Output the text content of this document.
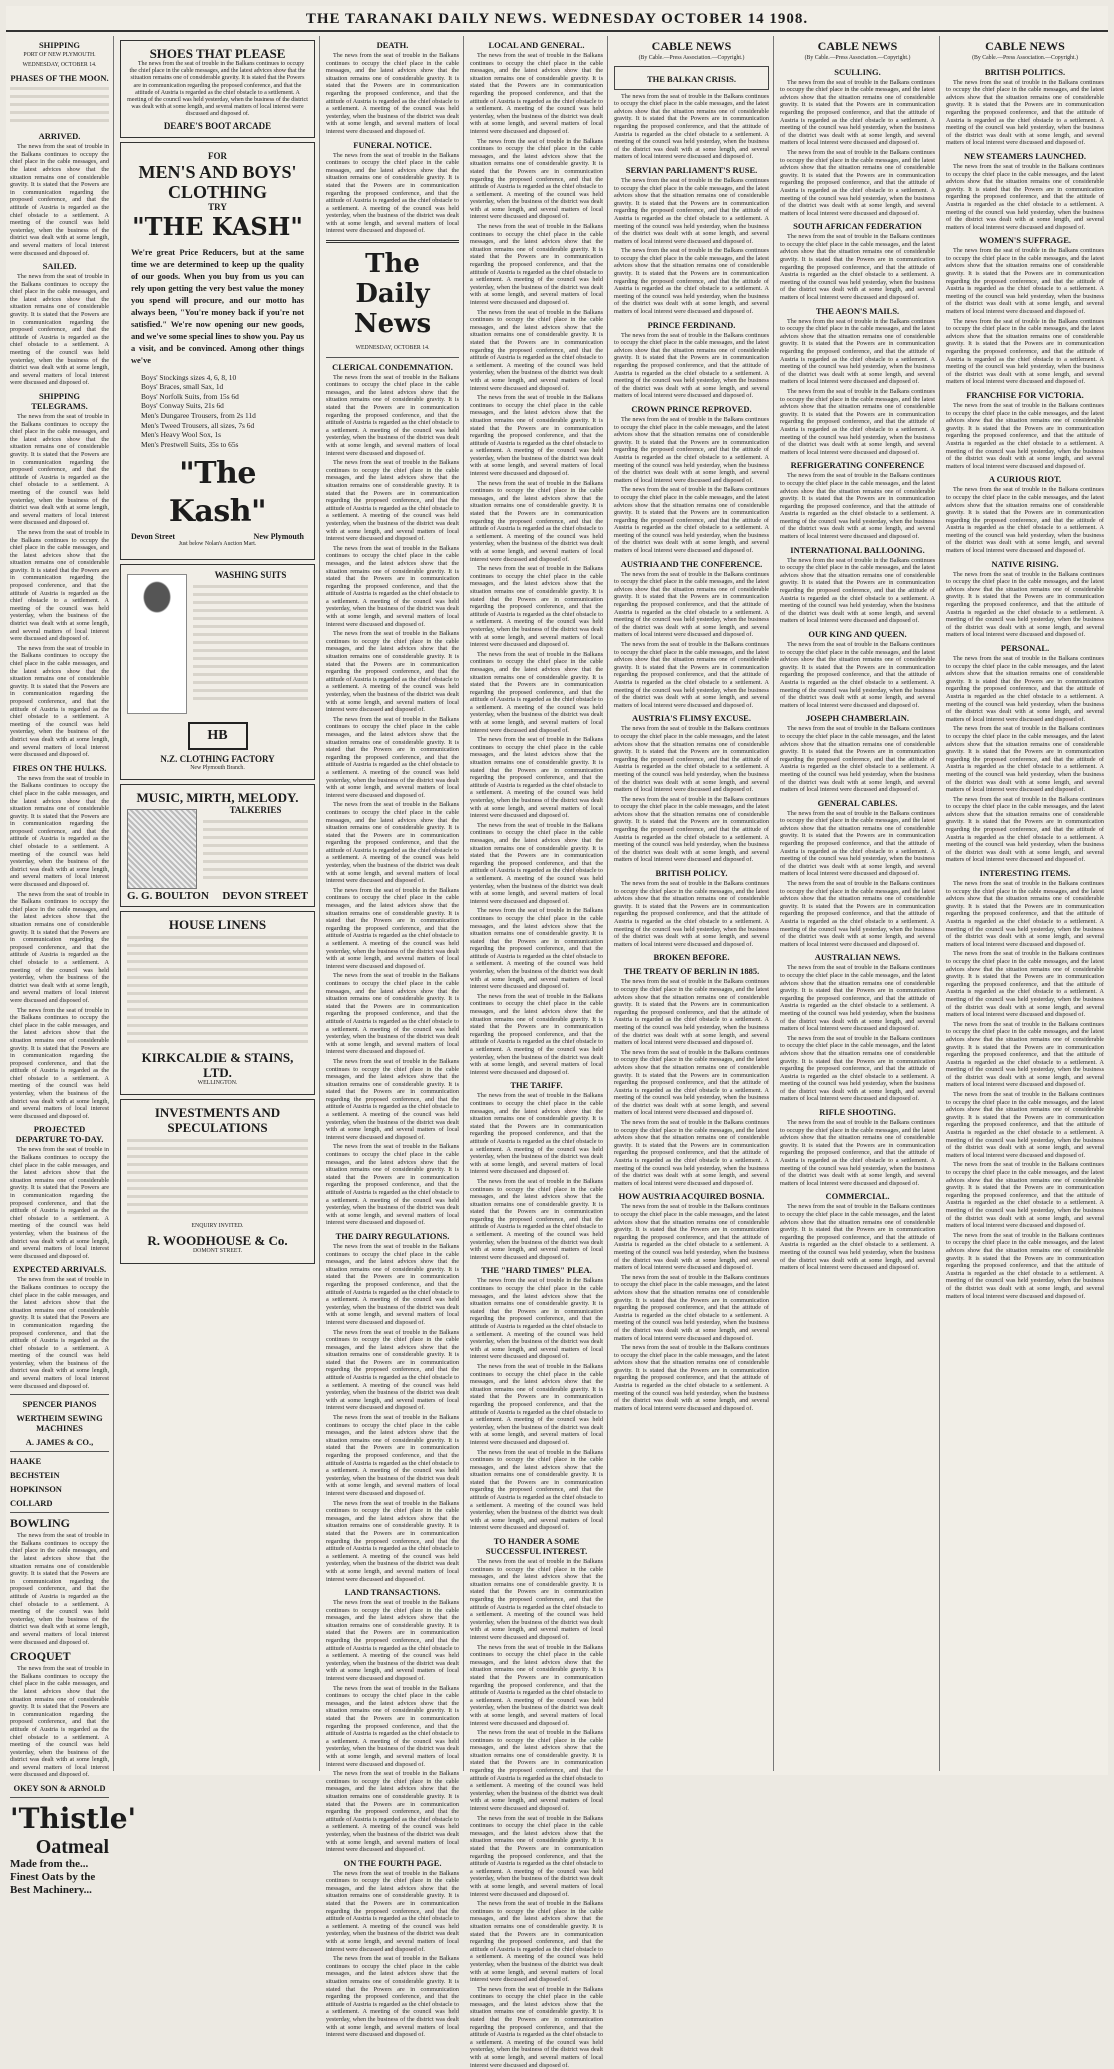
THE TARANAKI DAILY NEWS. WEDNESDAY OCTOBER 14 1908.
SHIPPING
PORT OF NEW PLYMOUTH.
WEDNESDAY, OCTOBER 14.
PHASES OF THE MOON.
ARRIVED.

The news from the seat of trouble in the Balkans continues to occupy the chief place in the cable messages, and the latest advices show that the situation remains one of considerable gravity. It is stated that the Powers are in communication regarding the proposed conference, and that the attitude of Austria is regarded as the chief obstacle to a settlement. A meeting of the council was held yesterday, when the business of the district was dealt with at some length, and several matters of local interest were discussed and disposed of.

SAILED.

The news from the seat of trouble in the Balkans continues to occupy the chief place in the cable messages, and the latest advices show that the situation remains one of considerable gravity. It is stated that the Powers are in communication regarding the proposed conference, and that the attitude of Austria is regarded as the chief obstacle to a settlement. A meeting of the council was held yesterday, when the business of the district was dealt with at some length, and several matters of local interest were discussed and disposed of.

SHIPPING TELEGRAMS.

The news from the seat of trouble in the Balkans continues to occupy the chief place in the cable messages, and the latest advices show that the situation remains one of considerable gravity. It is stated that the Powers are in communication regarding the proposed conference, and that the attitude of Austria is regarded as the chief obstacle to a settlement. A meeting of the council was held yesterday, when the business of the district was dealt with at some length, and several matters of local interest were discussed and disposed of.

The news from the seat of trouble in the Balkans continues to occupy the chief place in the cable messages, and the latest advices show that the situation remains one of considerable gravity. It is stated that the Powers are in communication regarding the proposed conference, and that the attitude of Austria is regarded as the chief obstacle to a settlement. A meeting of the council was held yesterday, when the business of the district was dealt with at some length, and several matters of local interest were discussed and disposed of.

The news from the seat of trouble in the Balkans continues to occupy the chief place in the cable messages, and the latest advices show that the situation remains one of considerable gravity. It is stated that the Powers are in communication regarding the proposed conference, and that the attitude of Austria is regarded as the chief obstacle to a settlement. A meeting of the council was held yesterday, when the business of the district was dealt with at some length, and several matters of local interest were discussed and disposed of.

FIRES ON THE HULKS.

The news from the seat of trouble in the Balkans continues to occupy the chief place in the cable messages, and the latest advices show that the situation remains one of considerable gravity. It is stated that the Powers are in communication regarding the proposed conference, and that the attitude of Austria is regarded as the chief obstacle to a settlement. A meeting of the council was held yesterday, when the business of the district was dealt with at some length, and several matters of local interest were discussed and disposed of.

The news from the seat of trouble in the Balkans continues to occupy the chief place in the cable messages, and the latest advices show that the situation remains one of considerable gravity. It is stated that the Powers are in communication regarding the proposed conference, and that the attitude of Austria is regarded as the chief obstacle to a settlement. A meeting of the council was held yesterday, when the business of the district was dealt with at some length, and several matters of local interest were discussed and disposed of.

The news from the seat of trouble in the Balkans continues to occupy the chief place in the cable messages, and the latest advices show that the situation remains one of considerable gravity. It is stated that the Powers are in communication regarding the proposed conference, and that the attitude of Austria is regarded as the chief obstacle to a settlement. A meeting of the council was held yesterday, when the business of the district was dealt with at some length, and several matters of local interest were discussed and disposed of.

PROJECTED DEPARTURE TO-DAY.

The news from the seat of trouble in the Balkans continues to occupy the chief place in the cable messages, and the latest advices show that the situation remains one of considerable gravity. It is stated that the Powers are in communication regarding the proposed conference, and that the attitude of Austria is regarded as the chief obstacle to a settlement. A meeting of the council was held yesterday, when the business of the district was dealt with at some length, and several matters of local interest were discussed and disposed of.

EXPECTED ARRIVALS.

The news from the seat of trouble in the Balkans continues to occupy the chief place in the cable messages, and the latest advices show that the situation remains one of considerable gravity. It is stated that the Powers are in communication regarding the proposed conference, and that the attitude of Austria is regarded as the chief obstacle to a settlement. A meeting of the council was held yesterday, when the business of the district was dealt with at some length, and several matters of local interest were discussed and disposed of.

SPENCER PIANOS
WERTHEIM SEWING MACHINES
A. JAMES & CO.,
HAAKE
BECHSTEIN
HOPKINSON
COLLARD
BOWLING

The news from the seat of trouble in the Balkans continues to occupy the chief place in the cable messages, and the latest advices show that the situation remains one of considerable gravity. It is stated that the Powers are in communication regarding the proposed conference, and that the attitude of Austria is regarded as the chief obstacle to a settlement. A meeting of the council was held yesterday, when the business of the district was dealt with at some length, and several matters of local interest were discussed and disposed of.

CROQUET

The news from the seat of trouble in the Balkans continues to occupy the chief place in the cable messages, and the latest advices show that the situation remains one of considerable gravity. It is stated that the Powers are in communication regarding the proposed conference, and that the attitude of Austria is regarded as the chief obstacle to a settlement. A meeting of the council was held yesterday, when the business of the district was dealt with at some length, and several matters of local interest were discussed and disposed of.

OKEY SON & ARNOLD
'Thistle'
Oatmeal
Made from the... Finest Oats by the Best Machinery...
SHOES THAT PLEASE

The news from the seat of trouble in the Balkans continues to occupy the chief place in the cable messages, and the latest advices show that the situation remains one of considerable gravity. It is stated that the Powers are in communication regarding the proposed conference, and that the attitude of Austria is regarded as the chief obstacle to a settlement. A meeting of the council was held yesterday, when the business of the district was dealt with at some length, and several matters of local interest were discussed and disposed of.

DEARE'S BOOT ARCADE
FOR
MEN'S AND BOYS' CLOTHING
TRY
"THE KASH"
We're great Price Reducers, but at the same time we are determined to keep up the quality of our goods. When you buy from us you can rely upon getting the very best value the money you spend will procure, and our motto has always been, "You're money back if you're not satisfied." We're now opening our new goods, and we've some special lines to show you. Pay us a visit, and be convinced. Among other things we've
Boys' Stockings sizes 4, 6, 8, 10
Boys' Braces, small Sax, 1d
Boys' Norfolk Suits, from 15s 6d
Boys' Conway Suits, 21s 6d
Men's Dungaree Trousers, from 2s 11d
Men's Tweed Trousers, all sizes, 7s 6d
Men's Heavy Wool Sox, 1s
Men's Prestwell Suits, 35s to 65s
"The Kash"
Devon Street	New Plymouth
Just below Nolan's Auction Mart.
WASHING SUITS
HB
N.Z. CLOTHING FACTORY
New Plymouth Branch.
MUSIC, MIRTH, MELODY.
TALKERIES
G. G. BOULTON DEVON STREET
HOUSE LINENS
KIRKCALDIE & STAINS, LTD.
WELLINGTON.
INVESTMENTS AND SPECULATIONS
ENQUIRY INVITED.
R. WOODHOUSE & Co.
DOMONT STREET.
DEATH.

The news from the seat of trouble in the Balkans continues to occupy the chief place in the cable messages, and the latest advices show that the situation remains one of considerable gravity. It is stated that the Powers are in communication regarding the proposed conference, and that the attitude of Austria is regarded as the chief obstacle to a settlement. A meeting of the council was held yesterday, when the business of the district was dealt with at some length, and several matters of local interest were discussed and disposed of.

FUNERAL NOTICE.

The news from the seat of trouble in the Balkans continues to occupy the chief place in the cable messages, and the latest advices show that the situation remains one of considerable gravity. It is stated that the Powers are in communication regarding the proposed conference, and that the attitude of Austria is regarded as the chief obstacle to a settlement. A meeting of the council was held yesterday, when the business of the district was dealt with at some length, and several matters of local interest were discussed and disposed of.

The Daily News
WEDNESDAY, OCTOBER 14.
CLERICAL CONDEMNATION.

The news from the seat of trouble in the Balkans continues to occupy the chief place in the cable messages, and the latest advices show that the situation remains one of considerable gravity. It is stated that the Powers are in communication regarding the proposed conference, and that the attitude of Austria is regarded as the chief obstacle to a settlement. A meeting of the council was held yesterday, when the business of the district was dealt with at some length, and several matters of local interest were discussed and disposed of.

The news from the seat of trouble in the Balkans continues to occupy the chief place in the cable messages, and the latest advices show that the situation remains one of considerable gravity. It is stated that the Powers are in communication regarding the proposed conference, and that the attitude of Austria is regarded as the chief obstacle to a settlement. A meeting of the council was held yesterday, when the business of the district was dealt with at some length, and several matters of local interest were discussed and disposed of.

The news from the seat of trouble in the Balkans continues to occupy the chief place in the cable messages, and the latest advices show that the situation remains one of considerable gravity. It is stated that the Powers are in communication regarding the proposed conference, and that the attitude of Austria is regarded as the chief obstacle to a settlement. A meeting of the council was held yesterday, when the business of the district was dealt with at some length, and several matters of local interest were discussed and disposed of.

The news from the seat of trouble in the Balkans continues to occupy the chief place in the cable messages, and the latest advices show that the situation remains one of considerable gravity. It is stated that the Powers are in communication regarding the proposed conference, and that the attitude of Austria is regarded as the chief obstacle to a settlement. A meeting of the council was held yesterday, when the business of the district was dealt with at some length, and several matters of local interest were discussed and disposed of.

The news from the seat of trouble in the Balkans continues to occupy the chief place in the cable messages, and the latest advices show that the situation remains one of considerable gravity. It is stated that the Powers are in communication regarding the proposed conference, and that the attitude of Austria is regarded as the chief obstacle to a settlement. A meeting of the council was held yesterday, when the business of the district was dealt with at some length, and several matters of local interest were discussed and disposed of.

The news from the seat of trouble in the Balkans continues to occupy the chief place in the cable messages, and the latest advices show that the situation remains one of considerable gravity. It is stated that the Powers are in communication regarding the proposed conference, and that the attitude of Austria is regarded as the chief obstacle to a settlement. A meeting of the council was held yesterday, when the business of the district was dealt with at some length, and several matters of local interest were discussed and disposed of.

The news from the seat of trouble in the Balkans continues to occupy the chief place in the cable messages, and the latest advices show that the situation remains one of considerable gravity. It is stated that the Powers are in communication regarding the proposed conference, and that the attitude of Austria is regarded as the chief obstacle to a settlement. A meeting of the council was held yesterday, when the business of the district was dealt with at some length, and several matters of local interest were discussed and disposed of.

The news from the seat of trouble in the Balkans continues to occupy the chief place in the cable messages, and the latest advices show that the situation remains one of considerable gravity. It is stated that the Powers are in communication regarding the proposed conference, and that the attitude of Austria is regarded as the chief obstacle to a settlement. A meeting of the council was held yesterday, when the business of the district was dealt with at some length, and several matters of local interest were discussed and disposed of.

The news from the seat of trouble in the Balkans continues to occupy the chief place in the cable messages, and the latest advices show that the situation remains one of considerable gravity. It is stated that the Powers are in communication regarding the proposed conference, and that the attitude of Austria is regarded as the chief obstacle to a settlement. A meeting of the council was held yesterday, when the business of the district was dealt with at some length, and several matters of local interest were discussed and disposed of.

The news from the seat of trouble in the Balkans continues to occupy the chief place in the cable messages, and the latest advices show that the situation remains one of considerable gravity. It is stated that the Powers are in communication regarding the proposed conference, and that the attitude of Austria is regarded as the chief obstacle to a settlement. A meeting of the council was held yesterday, when the business of the district was dealt with at some length, and several matters of local interest were discussed and disposed of.

THE DAIRY REGULATIONS.

The news from the seat of trouble in the Balkans continues to occupy the chief place in the cable messages, and the latest advices show that the situation remains one of considerable gravity. It is stated that the Powers are in communication regarding the proposed conference, and that the attitude of Austria is regarded as the chief obstacle to a settlement. A meeting of the council was held yesterday, when the business of the district was dealt with at some length, and several matters of local interest were discussed and disposed of.

The news from the seat of trouble in the Balkans continues to occupy the chief place in the cable messages, and the latest advices show that the situation remains one of considerable gravity. It is stated that the Powers are in communication regarding the proposed conference, and that the attitude of Austria is regarded as the chief obstacle to a settlement. A meeting of the council was held yesterday, when the business of the district was dealt with at some length, and several matters of local interest were discussed and disposed of.

The news from the seat of trouble in the Balkans continues to occupy the chief place in the cable messages, and the latest advices show that the situation remains one of considerable gravity. It is stated that the Powers are in communication regarding the proposed conference, and that the attitude of Austria is regarded as the chief obstacle to a settlement. A meeting of the council was held yesterday, when the business of the district was dealt with at some length, and several matters of local interest were discussed and disposed of.

The news from the seat of trouble in the Balkans continues to occupy the chief place in the cable messages, and the latest advices show that the situation remains one of considerable gravity. It is stated that the Powers are in communication regarding the proposed conference, and that the attitude of Austria is regarded as the chief obstacle to a settlement. A meeting of the council was held yesterday, when the business of the district was dealt with at some length, and several matters of local interest were discussed and disposed of.

LAND TRANSACTIONS.

The news from the seat of trouble in the Balkans continues to occupy the chief place in the cable messages, and the latest advices show that the situation remains one of considerable gravity. It is stated that the Powers are in communication regarding the proposed conference, and that the attitude of Austria is regarded as the chief obstacle to a settlement. A meeting of the council was held yesterday, when the business of the district was dealt with at some length, and several matters of local interest were discussed and disposed of.

The news from the seat of trouble in the Balkans continues to occupy the chief place in the cable messages, and the latest advices show that the situation remains one of considerable gravity. It is stated that the Powers are in communication regarding the proposed conference, and that the attitude of Austria is regarded as the chief obstacle to a settlement. A meeting of the council was held yesterday, when the business of the district was dealt with at some length, and several matters of local interest were discussed and disposed of.

The news from the seat of trouble in the Balkans continues to occupy the chief place in the cable messages, and the latest advices show that the situation remains one of considerable gravity. It is stated that the Powers are in communication regarding the proposed conference, and that the attitude of Austria is regarded as the chief obstacle to a settlement. A meeting of the council was held yesterday, when the business of the district was dealt with at some length, and several matters of local interest were discussed and disposed of.

ON THE FOURTH PAGE.

The news from the seat of trouble in the Balkans continues to occupy the chief place in the cable messages, and the latest advices show that the situation remains one of considerable gravity. It is stated that the Powers are in communication regarding the proposed conference, and that the attitude of Austria is regarded as the chief obstacle to a settlement. A meeting of the council was held yesterday, when the business of the district was dealt with at some length, and several matters of local interest were discussed and disposed of.

The news from the seat of trouble in the Balkans continues to occupy the chief place in the cable messages, and the latest advices show that the situation remains one of considerable gravity. It is stated that the Powers are in communication regarding the proposed conference, and that the attitude of Austria is regarded as the chief obstacle to a settlement. A meeting of the council was held yesterday, when the business of the district was dealt with at some length, and several matters of local interest were discussed and disposed of.

LOCAL AND GENERAL.

The news from the seat of trouble in the Balkans continues to occupy the chief place in the cable messages, and the latest advices show that the situation remains one of considerable gravity. It is stated that the Powers are in communication regarding the proposed conference, and that the attitude of Austria is regarded as the chief obstacle to a settlement. A meeting of the council was held yesterday, when the business of the district was dealt with at some length, and several matters of local interest were discussed and disposed of.

The news from the seat of trouble in the Balkans continues to occupy the chief place in the cable messages, and the latest advices show that the situation remains one of considerable gravity. It is stated that the Powers are in communication regarding the proposed conference, and that the attitude of Austria is regarded as the chief obstacle to a settlement. A meeting of the council was held yesterday, when the business of the district was dealt with at some length, and several matters of local interest were discussed and disposed of.

The news from the seat of trouble in the Balkans continues to occupy the chief place in the cable messages, and the latest advices show that the situation remains one of considerable gravity. It is stated that the Powers are in communication regarding the proposed conference, and that the attitude of Austria is regarded as the chief obstacle to a settlement. A meeting of the council was held yesterday, when the business of the district was dealt with at some length, and several matters of local interest were discussed and disposed of.

The news from the seat of trouble in the Balkans continues to occupy the chief place in the cable messages, and the latest advices show that the situation remains one of considerable gravity. It is stated that the Powers are in communication regarding the proposed conference, and that the attitude of Austria is regarded as the chief obstacle to a settlement. A meeting of the council was held yesterday, when the business of the district was dealt with at some length, and several matters of local interest were discussed and disposed of.

The news from the seat of trouble in the Balkans continues to occupy the chief place in the cable messages, and the latest advices show that the situation remains one of considerable gravity. It is stated that the Powers are in communication regarding the proposed conference, and that the attitude of Austria is regarded as the chief obstacle to a settlement. A meeting of the council was held yesterday, when the business of the district was dealt with at some length, and several matters of local interest were discussed and disposed of.

The news from the seat of trouble in the Balkans continues to occupy the chief place in the cable messages, and the latest advices show that the situation remains one of considerable gravity. It is stated that the Powers are in communication regarding the proposed conference, and that the attitude of Austria is regarded as the chief obstacle to a settlement. A meeting of the council was held yesterday, when the business of the district was dealt with at some length, and several matters of local interest were discussed and disposed of.

The news from the seat of trouble in the Balkans continues to occupy the chief place in the cable messages, and the latest advices show that the situation remains one of considerable gravity. It is stated that the Powers are in communication regarding the proposed conference, and that the attitude of Austria is regarded as the chief obstacle to a settlement. A meeting of the council was held yesterday, when the business of the district was dealt with at some length, and several matters of local interest were discussed and disposed of.

The news from the seat of trouble in the Balkans continues to occupy the chief place in the cable messages, and the latest advices show that the situation remains one of considerable gravity. It is stated that the Powers are in communication regarding the proposed conference, and that the attitude of Austria is regarded as the chief obstacle to a settlement. A meeting of the council was held yesterday, when the business of the district was dealt with at some length, and several matters of local interest were discussed and disposed of.

The news from the seat of trouble in the Balkans continues to occupy the chief place in the cable messages, and the latest advices show that the situation remains one of considerable gravity. It is stated that the Powers are in communication regarding the proposed conference, and that the attitude of Austria is regarded as the chief obstacle to a settlement. A meeting of the council was held yesterday, when the business of the district was dealt with at some length, and several matters of local interest were discussed and disposed of.

The news from the seat of trouble in the Balkans continues to occupy the chief place in the cable messages, and the latest advices show that the situation remains one of considerable gravity. It is stated that the Powers are in communication regarding the proposed conference, and that the attitude of Austria is regarded as the chief obstacle to a settlement. A meeting of the council was held yesterday, when the business of the district was dealt with at some length, and several matters of local interest were discussed and disposed of.

The news from the seat of trouble in the Balkans continues to occupy the chief place in the cable messages, and the latest advices show that the situation remains one of considerable gravity. It is stated that the Powers are in communication regarding the proposed conference, and that the attitude of Austria is regarded as the chief obstacle to a settlement. A meeting of the council was held yesterday, when the business of the district was dealt with at some length, and several matters of local interest were discussed and disposed of.

The news from the seat of trouble in the Balkans continues to occupy the chief place in the cable messages, and the latest advices show that the situation remains one of considerable gravity. It is stated that the Powers are in communication regarding the proposed conference, and that the attitude of Austria is regarded as the chief obstacle to a settlement. A meeting of the council was held yesterday, when the business of the district was dealt with at some length, and several matters of local interest were discussed and disposed of.

THE TARIFF.

The news from the seat of trouble in the Balkans continues to occupy the chief place in the cable messages, and the latest advices show that the situation remains one of considerable gravity. It is stated that the Powers are in communication regarding the proposed conference, and that the attitude of Austria is regarded as the chief obstacle to a settlement. A meeting of the council was held yesterday, when the business of the district was dealt with at some length, and several matters of local interest were discussed and disposed of.

The news from the seat of trouble in the Balkans continues to occupy the chief place in the cable messages, and the latest advices show that the situation remains one of considerable gravity. It is stated that the Powers are in communication regarding the proposed conference, and that the attitude of Austria is regarded as the chief obstacle to a settlement. A meeting of the council was held yesterday, when the business of the district was dealt with at some length, and several matters of local interest were discussed and disposed of.

THE "HARD TIMES" PLEA.

The news from the seat of trouble in the Balkans continues to occupy the chief place in the cable messages, and the latest advices show that the situation remains one of considerable gravity. It is stated that the Powers are in communication regarding the proposed conference, and that the attitude of Austria is regarded as the chief obstacle to a settlement. A meeting of the council was held yesterday, when the business of the district was dealt with at some length, and several matters of local interest were discussed and disposed of.

The news from the seat of trouble in the Balkans continues to occupy the chief place in the cable messages, and the latest advices show that the situation remains one of considerable gravity. It is stated that the Powers are in communication regarding the proposed conference, and that the attitude of Austria is regarded as the chief obstacle to a settlement. A meeting of the council was held yesterday, when the business of the district was dealt with at some length, and several matters of local interest were discussed and disposed of.

The news from the seat of trouble in the Balkans continues to occupy the chief place in the cable messages, and the latest advices show that the situation remains one of considerable gravity. It is stated that the Powers are in communication regarding the proposed conference, and that the attitude of Austria is regarded as the chief obstacle to a settlement. A meeting of the council was held yesterday, when the business of the district was dealt with at some length, and several matters of local interest were discussed and disposed of.

TO HANDER A SOME SUCCESSFUL INTEREST.

The news from the seat of trouble in the Balkans continues to occupy the chief place in the cable messages, and the latest advices show that the situation remains one of considerable gravity. It is stated that the Powers are in communication regarding the proposed conference, and that the attitude of Austria is regarded as the chief obstacle to a settlement. A meeting of the council was held yesterday, when the business of the district was dealt with at some length, and several matters of local interest were discussed and disposed of.

The news from the seat of trouble in the Balkans continues to occupy the chief place in the cable messages, and the latest advices show that the situation remains one of considerable gravity. It is stated that the Powers are in communication regarding the proposed conference, and that the attitude of Austria is regarded as the chief obstacle to a settlement. A meeting of the council was held yesterday, when the business of the district was dealt with at some length, and several matters of local interest were discussed and disposed of.

The news from the seat of trouble in the Balkans continues to occupy the chief place in the cable messages, and the latest advices show that the situation remains one of considerable gravity. It is stated that the Powers are in communication regarding the proposed conference, and that the attitude of Austria is regarded as the chief obstacle to a settlement. A meeting of the council was held yesterday, when the business of the district was dealt with at some length, and several matters of local interest were discussed and disposed of.

The news from the seat of trouble in the Balkans continues to occupy the chief place in the cable messages, and the latest advices show that the situation remains one of considerable gravity. It is stated that the Powers are in communication regarding the proposed conference, and that the attitude of Austria is regarded as the chief obstacle to a settlement. A meeting of the council was held yesterday, when the business of the district was dealt with at some length, and several matters of local interest were discussed and disposed of.

The news from the seat of trouble in the Balkans continues to occupy the chief place in the cable messages, and the latest advices show that the situation remains one of considerable gravity. It is stated that the Powers are in communication regarding the proposed conference, and that the attitude of Austria is regarded as the chief obstacle to a settlement. A meeting of the council was held yesterday, when the business of the district was dealt with at some length, and several matters of local interest were discussed and disposed of.

The news from the seat of trouble in the Balkans continues to occupy the chief place in the cable messages, and the latest advices show that the situation remains one of considerable gravity. It is stated that the Powers are in communication regarding the proposed conference, and that the attitude of Austria is regarded as the chief obstacle to a settlement. A meeting of the council was held yesterday, when the business of the district was dealt with at some length, and several matters of local interest were discussed and disposed of.

CABLE NEWS
(By Cable.—Press Association.—Copyright.)
THE BALKAN CRISIS.

The news from the seat of trouble in the Balkans continues to occupy the chief place in the cable messages, and the latest advices show that the situation remains one of considerable gravity. It is stated that the Powers are in communication regarding the proposed conference, and that the attitude of Austria is regarded as the chief obstacle to a settlement. A meeting of the council was held yesterday, when the business of the district was dealt with at some length, and several matters of local interest were discussed and disposed of.

SERVIAN PARLIAMENT'S RUSE.

The news from the seat of trouble in the Balkans continues to occupy the chief place in the cable messages, and the latest advices show that the situation remains one of considerable gravity. It is stated that the Powers are in communication regarding the proposed conference, and that the attitude of Austria is regarded as the chief obstacle to a settlement. A meeting of the council was held yesterday, when the business of the district was dealt with at some length, and several matters of local interest were discussed and disposed of.

The news from the seat of trouble in the Balkans continues to occupy the chief place in the cable messages, and the latest advices show that the situation remains one of considerable gravity. It is stated that the Powers are in communication regarding the proposed conference, and that the attitude of Austria is regarded as the chief obstacle to a settlement. A meeting of the council was held yesterday, when the business of the district was dealt with at some length, and several matters of local interest were discussed and disposed of.

PRINCE FERDINAND.

The news from the seat of trouble in the Balkans continues to occupy the chief place in the cable messages, and the latest advices show that the situation remains one of considerable gravity. It is stated that the Powers are in communication regarding the proposed conference, and that the attitude of Austria is regarded as the chief obstacle to a settlement. A meeting of the council was held yesterday, when the business of the district was dealt with at some length, and several matters of local interest were discussed and disposed of.

CROWN PRINCE REPROVED.

The news from the seat of trouble in the Balkans continues to occupy the chief place in the cable messages, and the latest advices show that the situation remains one of considerable gravity. It is stated that the Powers are in communication regarding the proposed conference, and that the attitude of Austria is regarded as the chief obstacle to a settlement. A meeting of the council was held yesterday, when the business of the district was dealt with at some length, and several matters of local interest were discussed and disposed of.

The news from the seat of trouble in the Balkans continues to occupy the chief place in the cable messages, and the latest advices show that the situation remains one of considerable gravity. It is stated that the Powers are in communication regarding the proposed conference, and that the attitude of Austria is regarded as the chief obstacle to a settlement. A meeting of the council was held yesterday, when the business of the district was dealt with at some length, and several matters of local interest were discussed and disposed of.

AUSTRIA AND THE CONFERENCE.

The news from the seat of trouble in the Balkans continues to occupy the chief place in the cable messages, and the latest advices show that the situation remains one of considerable gravity. It is stated that the Powers are in communication regarding the proposed conference, and that the attitude of Austria is regarded as the chief obstacle to a settlement. A meeting of the council was held yesterday, when the business of the district was dealt with at some length, and several matters of local interest were discussed and disposed of.

The news from the seat of trouble in the Balkans continues to occupy the chief place in the cable messages, and the latest advices show that the situation remains one of considerable gravity. It is stated that the Powers are in communication regarding the proposed conference, and that the attitude of Austria is regarded as the chief obstacle to a settlement. A meeting of the council was held yesterday, when the business of the district was dealt with at some length, and several matters of local interest were discussed and disposed of.

AUSTRIA'S FLIMSY EXCUSE.

The news from the seat of trouble in the Balkans continues to occupy the chief place in the cable messages, and the latest advices show that the situation remains one of considerable gravity. It is stated that the Powers are in communication regarding the proposed conference, and that the attitude of Austria is regarded as the chief obstacle to a settlement. A meeting of the council was held yesterday, when the business of the district was dealt with at some length, and several matters of local interest were discussed and disposed of.

The news from the seat of trouble in the Balkans continues to occupy the chief place in the cable messages, and the latest advices show that the situation remains one of considerable gravity. It is stated that the Powers are in communication regarding the proposed conference, and that the attitude of Austria is regarded as the chief obstacle to a settlement. A meeting of the council was held yesterday, when the business of the district was dealt with at some length, and several matters of local interest were discussed and disposed of.

BRITISH POLICY.

The news from the seat of trouble in the Balkans continues to occupy the chief place in the cable messages, and the latest advices show that the situation remains one of considerable gravity. It is stated that the Powers are in communication regarding the proposed conference, and that the attitude of Austria is regarded as the chief obstacle to a settlement. A meeting of the council was held yesterday, when the business of the district was dealt with at some length, and several matters of local interest were discussed and disposed of.

BROKEN BEFORE.
THE TREATY OF BERLIN IN 1885.

The news from the seat of trouble in the Balkans continues to occupy the chief place in the cable messages, and the latest advices show that the situation remains one of considerable gravity. It is stated that the Powers are in communication regarding the proposed conference, and that the attitude of Austria is regarded as the chief obstacle to a settlement. A meeting of the council was held yesterday, when the business of the district was dealt with at some length, and several matters of local interest were discussed and disposed of.

The news from the seat of trouble in the Balkans continues to occupy the chief place in the cable messages, and the latest advices show that the situation remains one of considerable gravity. It is stated that the Powers are in communication regarding the proposed conference, and that the attitude of Austria is regarded as the chief obstacle to a settlement. A meeting of the council was held yesterday, when the business of the district was dealt with at some length, and several matters of local interest were discussed and disposed of.

The news from the seat of trouble in the Balkans continues to occupy the chief place in the cable messages, and the latest advices show that the situation remains one of considerable gravity. It is stated that the Powers are in communication regarding the proposed conference, and that the attitude of Austria is regarded as the chief obstacle to a settlement. A meeting of the council was held yesterday, when the business of the district was dealt with at some length, and several matters of local interest were discussed and disposed of.

HOW AUSTRIA ACQUIRED BOSNIA.

The news from the seat of trouble in the Balkans continues to occupy the chief place in the cable messages, and the latest advices show that the situation remains one of considerable gravity. It is stated that the Powers are in communication regarding the proposed conference, and that the attitude of Austria is regarded as the chief obstacle to a settlement. A meeting of the council was held yesterday, when the business of the district was dealt with at some length, and several matters of local interest were discussed and disposed of.

The news from the seat of trouble in the Balkans continues to occupy the chief place in the cable messages, and the latest advices show that the situation remains one of considerable gravity. It is stated that the Powers are in communication regarding the proposed conference, and that the attitude of Austria is regarded as the chief obstacle to a settlement. A meeting of the council was held yesterday, when the business of the district was dealt with at some length, and several matters of local interest were discussed and disposed of.

The news from the seat of trouble in the Balkans continues to occupy the chief place in the cable messages, and the latest advices show that the situation remains one of considerable gravity. It is stated that the Powers are in communication regarding the proposed conference, and that the attitude of Austria is regarded as the chief obstacle to a settlement. A meeting of the council was held yesterday, when the business of the district was dealt with at some length, and several matters of local interest were discussed and disposed of.

CABLE NEWS
(By Cable.—Press Association.—Copyright.)
SCULLING.

The news from the seat of trouble in the Balkans continues to occupy the chief place in the cable messages, and the latest advices show that the situation remains one of considerable gravity. It is stated that the Powers are in communication regarding the proposed conference, and that the attitude of Austria is regarded as the chief obstacle to a settlement. A meeting of the council was held yesterday, when the business of the district was dealt with at some length, and several matters of local interest were discussed and disposed of.

The news from the seat of trouble in the Balkans continues to occupy the chief place in the cable messages, and the latest advices show that the situation remains one of considerable gravity. It is stated that the Powers are in communication regarding the proposed conference, and that the attitude of Austria is regarded as the chief obstacle to a settlement. A meeting of the council was held yesterday, when the business of the district was dealt with at some length, and several matters of local interest were discussed and disposed of.

SOUTH AFRICAN FEDERATION

The news from the seat of trouble in the Balkans continues to occupy the chief place in the cable messages, and the latest advices show that the situation remains one of considerable gravity. It is stated that the Powers are in communication regarding the proposed conference, and that the attitude of Austria is regarded as the chief obstacle to a settlement. A meeting of the council was held yesterday, when the business of the district was dealt with at some length, and several matters of local interest were discussed and disposed of.

THE AEON'S MAILS.

The news from the seat of trouble in the Balkans continues to occupy the chief place in the cable messages, and the latest advices show that the situation remains one of considerable gravity. It is stated that the Powers are in communication regarding the proposed conference, and that the attitude of Austria is regarded as the chief obstacle to a settlement. A meeting of the council was held yesterday, when the business of the district was dealt with at some length, and several matters of local interest were discussed and disposed of.

The news from the seat of trouble in the Balkans continues to occupy the chief place in the cable messages, and the latest advices show that the situation remains one of considerable gravity. It is stated that the Powers are in communication regarding the proposed conference, and that the attitude of Austria is regarded as the chief obstacle to a settlement. A meeting of the council was held yesterday, when the business of the district was dealt with at some length, and several matters of local interest were discussed and disposed of.

REFRIGERATING CONFERENCE

The news from the seat of trouble in the Balkans continues to occupy the chief place in the cable messages, and the latest advices show that the situation remains one of considerable gravity. It is stated that the Powers are in communication regarding the proposed conference, and that the attitude of Austria is regarded as the chief obstacle to a settlement. A meeting of the council was held yesterday, when the business of the district was dealt with at some length, and several matters of local interest were discussed and disposed of.

INTERNATIONAL BALLOONING.

The news from the seat of trouble in the Balkans continues to occupy the chief place in the cable messages, and the latest advices show that the situation remains one of considerable gravity. It is stated that the Powers are in communication regarding the proposed conference, and that the attitude of Austria is regarded as the chief obstacle to a settlement. A meeting of the council was held yesterday, when the business of the district was dealt with at some length, and several matters of local interest were discussed and disposed of.

OUR KING AND QUEEN.

The news from the seat of trouble in the Balkans continues to occupy the chief place in the cable messages, and the latest advices show that the situation remains one of considerable gravity. It is stated that the Powers are in communication regarding the proposed conference, and that the attitude of Austria is regarded as the chief obstacle to a settlement. A meeting of the council was held yesterday, when the business of the district was dealt with at some length, and several matters of local interest were discussed and disposed of.

JOSEPH CHAMBERLAIN.

The news from the seat of trouble in the Balkans continues to occupy the chief place in the cable messages, and the latest advices show that the situation remains one of considerable gravity. It is stated that the Powers are in communication regarding the proposed conference, and that the attitude of Austria is regarded as the chief obstacle to a settlement. A meeting of the council was held yesterday, when the business of the district was dealt with at some length, and several matters of local interest were discussed and disposed of.

GENERAL CABLES.

The news from the seat of trouble in the Balkans continues to occupy the chief place in the cable messages, and the latest advices show that the situation remains one of considerable gravity. It is stated that the Powers are in communication regarding the proposed conference, and that the attitude of Austria is regarded as the chief obstacle to a settlement. A meeting of the council was held yesterday, when the business of the district was dealt with at some length, and several matters of local interest were discussed and disposed of.

The news from the seat of trouble in the Balkans continues to occupy the chief place in the cable messages, and the latest advices show that the situation remains one of considerable gravity. It is stated that the Powers are in communication regarding the proposed conference, and that the attitude of Austria is regarded as the chief obstacle to a settlement. A meeting of the council was held yesterday, when the business of the district was dealt with at some length, and several matters of local interest were discussed and disposed of.

AUSTRALIAN NEWS.

The news from the seat of trouble in the Balkans continues to occupy the chief place in the cable messages, and the latest advices show that the situation remains one of considerable gravity. It is stated that the Powers are in communication regarding the proposed conference, and that the attitude of Austria is regarded as the chief obstacle to a settlement. A meeting of the council was held yesterday, when the business of the district was dealt with at some length, and several matters of local interest were discussed and disposed of.

The news from the seat of trouble in the Balkans continues to occupy the chief place in the cable messages, and the latest advices show that the situation remains one of considerable gravity. It is stated that the Powers are in communication regarding the proposed conference, and that the attitude of Austria is regarded as the chief obstacle to a settlement. A meeting of the council was held yesterday, when the business of the district was dealt with at some length, and several matters of local interest were discussed and disposed of.

RIFLE SHOOTING.

The news from the seat of trouble in the Balkans continues to occupy the chief place in the cable messages, and the latest advices show that the situation remains one of considerable gravity. It is stated that the Powers are in communication regarding the proposed conference, and that the attitude of Austria is regarded as the chief obstacle to a settlement. A meeting of the council was held yesterday, when the business of the district was dealt with at some length, and several matters of local interest were discussed and disposed of.

COMMERCIAL.

The news from the seat of trouble in the Balkans continues to occupy the chief place in the cable messages, and the latest advices show that the situation remains one of considerable gravity. It is stated that the Powers are in communication regarding the proposed conference, and that the attitude of Austria is regarded as the chief obstacle to a settlement. A meeting of the council was held yesterday, when the business of the district was dealt with at some length, and several matters of local interest were discussed and disposed of.

CABLE NEWS
(By Cable.—Press Association.—Copyright.)
BRITISH POLITICS.

The news from the seat of trouble in the Balkans continues to occupy the chief place in the cable messages, and the latest advices show that the situation remains one of considerable gravity. It is stated that the Powers are in communication regarding the proposed conference, and that the attitude of Austria is regarded as the chief obstacle to a settlement. A meeting of the council was held yesterday, when the business of the district was dealt with at some length, and several matters of local interest were discussed and disposed of.

NEW STEAMERS LAUNCHED.

The news from the seat of trouble in the Balkans continues to occupy the chief place in the cable messages, and the latest advices show that the situation remains one of considerable gravity. It is stated that the Powers are in communication regarding the proposed conference, and that the attitude of Austria is regarded as the chief obstacle to a settlement. A meeting of the council was held yesterday, when the business of the district was dealt with at some length, and several matters of local interest were discussed and disposed of.

WOMEN'S SUFFRAGE.

The news from the seat of trouble in the Balkans continues to occupy the chief place in the cable messages, and the latest advices show that the situation remains one of considerable gravity. It is stated that the Powers are in communication regarding the proposed conference, and that the attitude of Austria is regarded as the chief obstacle to a settlement. A meeting of the council was held yesterday, when the business of the district was dealt with at some length, and several matters of local interest were discussed and disposed of.

The news from the seat of trouble in the Balkans continues to occupy the chief place in the cable messages, and the latest advices show that the situation remains one of considerable gravity. It is stated that the Powers are in communication regarding the proposed conference, and that the attitude of Austria is regarded as the chief obstacle to a settlement. A meeting of the council was held yesterday, when the business of the district was dealt with at some length, and several matters of local interest were discussed and disposed of.

FRANCHISE FOR VICTORIA.

The news from the seat of trouble in the Balkans continues to occupy the chief place in the cable messages, and the latest advices show that the situation remains one of considerable gravity. It is stated that the Powers are in communication regarding the proposed conference, and that the attitude of Austria is regarded as the chief obstacle to a settlement. A meeting of the council was held yesterday, when the business of the district was dealt with at some length, and several matters of local interest were discussed and disposed of.

A CURIOUS RIOT.

The news from the seat of trouble in the Balkans continues to occupy the chief place in the cable messages, and the latest advices show that the situation remains one of considerable gravity. It is stated that the Powers are in communication regarding the proposed conference, and that the attitude of Austria is regarded as the chief obstacle to a settlement. A meeting of the council was held yesterday, when the business of the district was dealt with at some length, and several matters of local interest were discussed and disposed of.

NATIVE RISING.

The news from the seat of trouble in the Balkans continues to occupy the chief place in the cable messages, and the latest advices show that the situation remains one of considerable gravity. It is stated that the Powers are in communication regarding the proposed conference, and that the attitude of Austria is regarded as the chief obstacle to a settlement. A meeting of the council was held yesterday, when the business of the district was dealt with at some length, and several matters of local interest were discussed and disposed of.

PERSONAL.

The news from the seat of trouble in the Balkans continues to occupy the chief place in the cable messages, and the latest advices show that the situation remains one of considerable gravity. It is stated that the Powers are in communication regarding the proposed conference, and that the attitude of Austria is regarded as the chief obstacle to a settlement. A meeting of the council was held yesterday, when the business of the district was dealt with at some length, and several matters of local interest were discussed and disposed of.

The news from the seat of trouble in the Balkans continues to occupy the chief place in the cable messages, and the latest advices show that the situation remains one of considerable gravity. It is stated that the Powers are in communication regarding the proposed conference, and that the attitude of Austria is regarded as the chief obstacle to a settlement. A meeting of the council was held yesterday, when the business of the district was dealt with at some length, and several matters of local interest were discussed and disposed of.

The news from the seat of trouble in the Balkans continues to occupy the chief place in the cable messages, and the latest advices show that the situation remains one of considerable gravity. It is stated that the Powers are in communication regarding the proposed conference, and that the attitude of Austria is regarded as the chief obstacle to a settlement. A meeting of the council was held yesterday, when the business of the district was dealt with at some length, and several matters of local interest were discussed and disposed of.

INTERESTING ITEMS.

The news from the seat of trouble in the Balkans continues to occupy the chief place in the cable messages, and the latest advices show that the situation remains one of considerable gravity. It is stated that the Powers are in communication regarding the proposed conference, and that the attitude of Austria is regarded as the chief obstacle to a settlement. A meeting of the council was held yesterday, when the business of the district was dealt with at some length, and several matters of local interest were discussed and disposed of.

The news from the seat of trouble in the Balkans continues to occupy the chief place in the cable messages, and the latest advices show that the situation remains one of considerable gravity. It is stated that the Powers are in communication regarding the proposed conference, and that the attitude of Austria is regarded as the chief obstacle to a settlement. A meeting of the council was held yesterday, when the business of the district was dealt with at some length, and several matters of local interest were discussed and disposed of.

The news from the seat of trouble in the Balkans continues to occupy the chief place in the cable messages, and the latest advices show that the situation remains one of considerable gravity. It is stated that the Powers are in communication regarding the proposed conference, and that the attitude of Austria is regarded as the chief obstacle to a settlement. A meeting of the council was held yesterday, when the business of the district was dealt with at some length, and several matters of local interest were discussed and disposed of.

The news from the seat of trouble in the Balkans continues to occupy the chief place in the cable messages, and the latest advices show that the situation remains one of considerable gravity. It is stated that the Powers are in communication regarding the proposed conference, and that the attitude of Austria is regarded as the chief obstacle to a settlement. A meeting of the council was held yesterday, when the business of the district was dealt with at some length, and several matters of local interest were discussed and disposed of.

The news from the seat of trouble in the Balkans continues to occupy the chief place in the cable messages, and the latest advices show that the situation remains one of considerable gravity. It is stated that the Powers are in communication regarding the proposed conference, and that the attitude of Austria is regarded as the chief obstacle to a settlement. A meeting of the council was held yesterday, when the business of the district was dealt with at some length, and several matters of local interest were discussed and disposed of.

The news from the seat of trouble in the Balkans continues to occupy the chief place in the cable messages, and the latest advices show that the situation remains one of considerable gravity. It is stated that the Powers are in communication regarding the proposed conference, and that the attitude of Austria is regarded as the chief obstacle to a settlement. A meeting of the council was held yesterday, when the business of the district was dealt with at some length, and several matters of local interest were discussed and disposed of.
